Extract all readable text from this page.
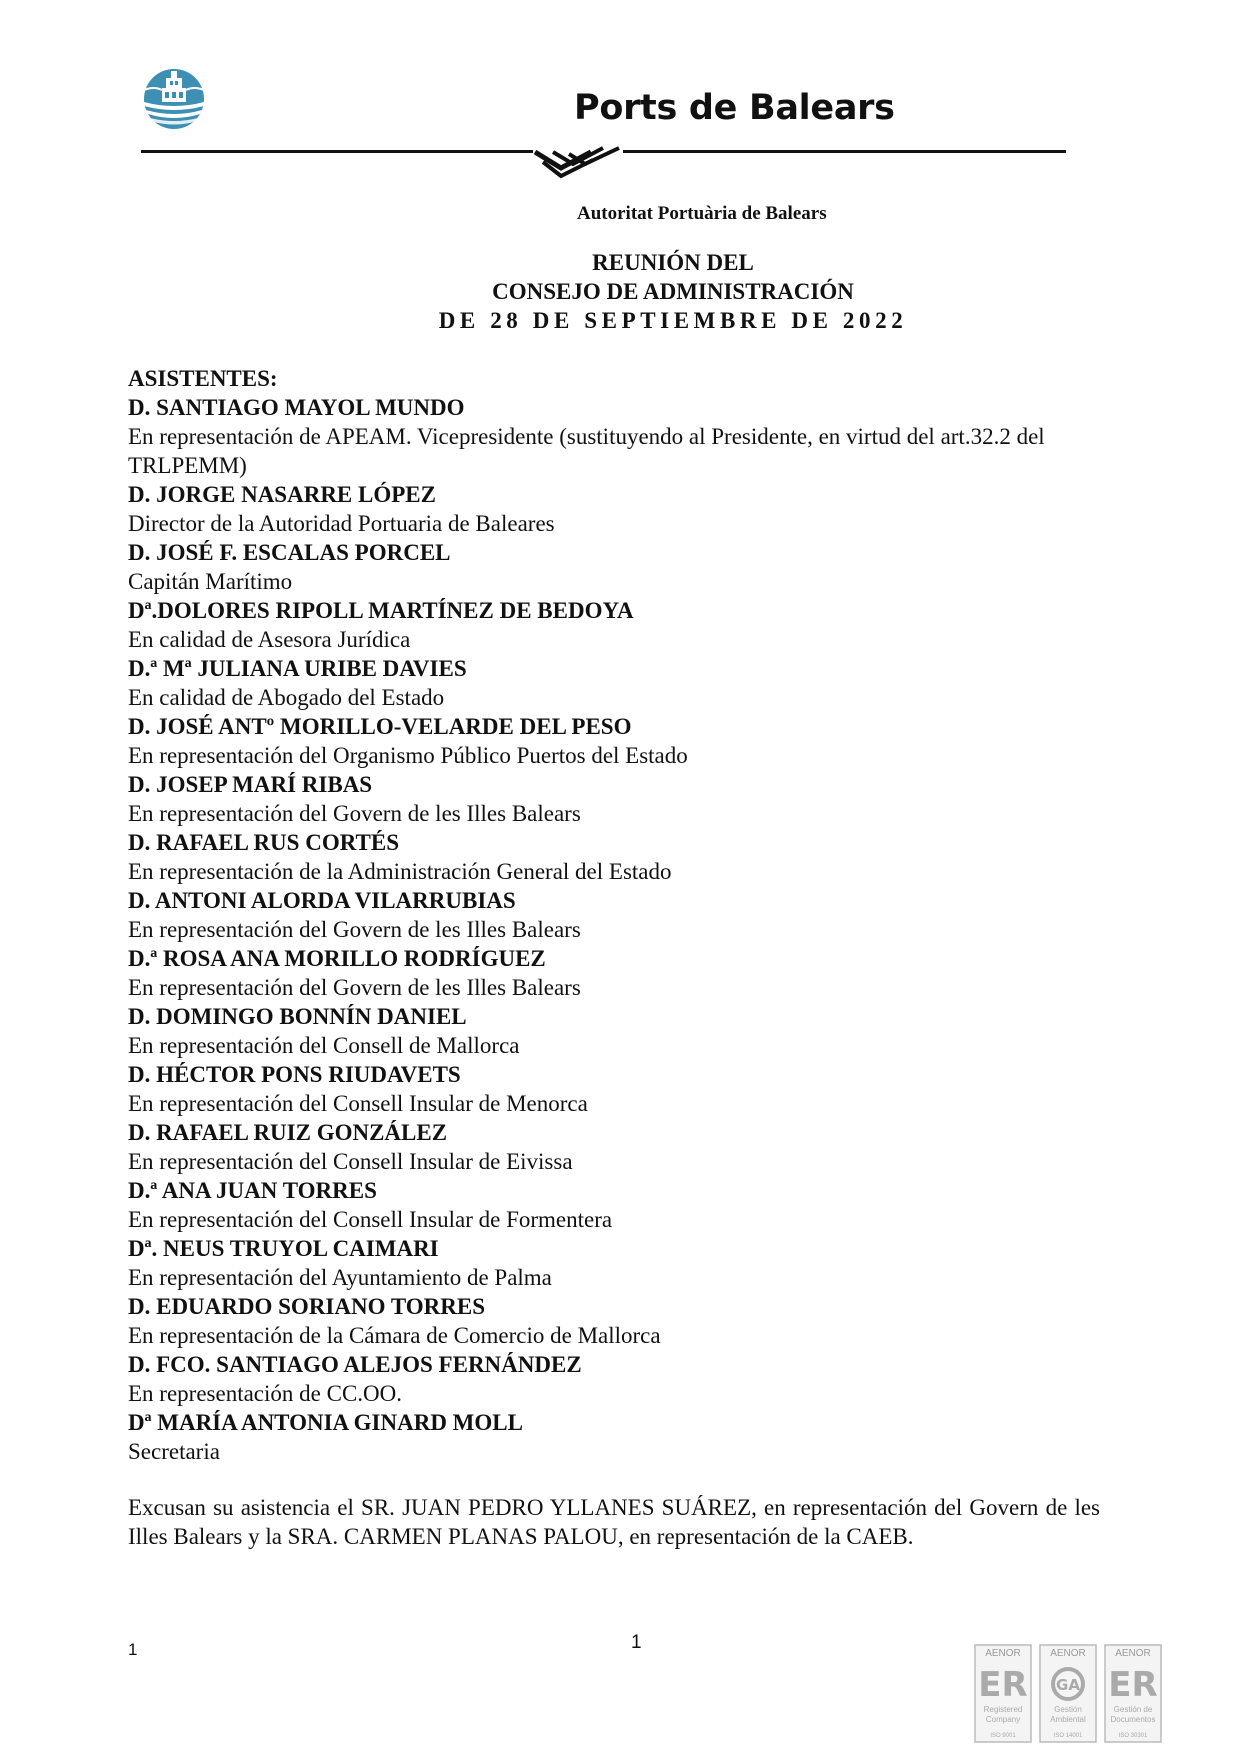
Ports de Balears
Autoritat Portuària de Balears
REUNIÓN DEL
CONSEJO DE ADMINISTRACIÓN
DE 28 DE SEPTIEMBRE DE 2022
ASISTENTES:
D. SANTIAGO MAYOL MUNDO
En representación de APEAM. Vicepresidente (sustituyendo al Presidente, en virtud del art.32.2 del TRLPEMM)
D. JORGE NASARRE LÓPEZ
Director de la Autoridad Portuaria de Baleares
D. JOSÉ F. ESCALAS PORCEL
Capitán Marítimo
Dª.DOLORES RIPOLL MARTÍNEZ DE BEDOYA
En calidad de Asesora Jurídica
D.ª Mª JULIANA URIBE DAVIES
En calidad de Abogado del Estado
D. JOSÉ ANTº MORILLO-VELARDE DEL PESO
En representación del Organismo Público Puertos del Estado
D. JOSEP MARÍ RIBAS
En representación del Govern de les Illes Balears
D. RAFAEL RUS CORTÉS
En representación de la Administración General del Estado
D. ANTONI ALORDA VILARRUBIAS
En representación del Govern de les Illes Balears
D.ª ROSA ANA MORILLO RODRÍGUEZ
En representación del Govern de les Illes Balears
D. DOMINGO BONNÍN DANIEL
En representación del Consell de Mallorca
D. HÉCTOR PONS RIUDAVETS
En representación del Consell Insular de Menorca
D. RAFAEL RUIZ GONZÁLEZ
En representación del Consell Insular de Eivissa
D.ª ANA JUAN TORRES
En representación del Consell Insular de Formentera
Dª. NEUS TRUYOL CAIMARI
En representación del Ayuntamiento de Palma
D. EDUARDO SORIANO TORRES
En representación de la Cámara de Comercio de Mallorca
D. FCO. SANTIAGO ALEJOS FERNÁNDEZ
En representación de CC.OO.
Dª MARÍA ANTONIA GINARD MOLL
Secretaria
Excusan su asistencia el SR. JUAN PEDRO YLLANES SUÁREZ, en representación del Govern de les Illes Balears y la SRA. CARMEN PLANAS PALOU, en representación de la CAEB.
1	1
AENOR
ER
Registered
Company
ISO 9001
AENOR
GA
Gestión
Ambiental
ISO 14001
AENOR
ER
Gestión de
Documentos
ISO 30301
